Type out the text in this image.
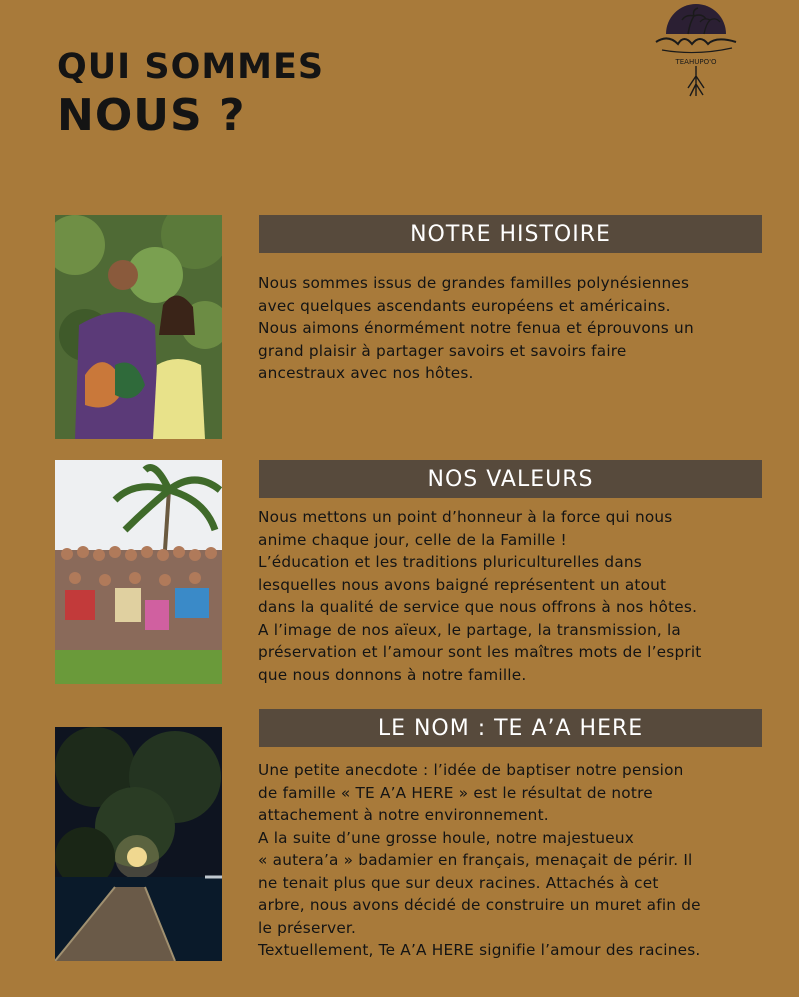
QUI SOMMES
NOUS ?
TEAHUPO'O
NOTRE HISTOIRE
Nous sommes issus de grandes familles polynésiennes
avec quelques ascendants européens et américains.
Nous aimons énormément notre fenua et éprouvons un
grand plaisir à partager savoirs et savoirs faire
ancestraux avec nos hôtes.
NOS VALEURS
Nous mettons un point d’honneur à la force qui nous
anime chaque jour, celle de la Famille !
L’éducation et les traditions pluriculturelles dans
lesquelles nous avons baigné représentent un atout
dans la qualité de service que nous offrons à nos hôtes.
A l’image de nos aïeux, le partage, la transmission, la
préservation et l’amour sont les maîtres mots de l’esprit
que nous donnons à notre famille.
LE NOM : TE A’A HERE
Une petite anecdote : l’idée de baptiser notre pension
de famille « TE A’A HERE » est le résultat de notre
attachement à notre environnement.
A la suite d’une grosse houle, notre majestueux
« autera’a » badamier en français, menaçait de périr. Il
ne tenait plus que sur deux racines. Attachés à cet
arbre, nous avons décidé de construire un muret afin de
le préserver.
Textuellement, Te A’A HERE signifie l’amour des racines.
